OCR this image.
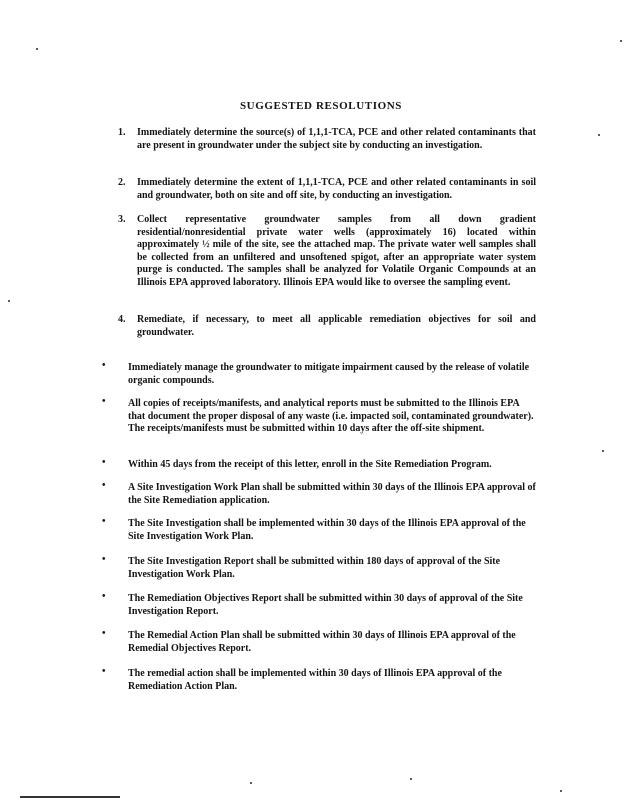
SUGGESTED RESOLUTIONS
1.	Immediately determine the source(s) of 1,1,1-TCA, PCE and other related contaminants that are present in groundwater under the subject site by conducting an investigation.
2.	Immediately determine the extent of 1,1,1-TCA, PCE and other related contaminants in soil and groundwater, both on site and off site, by conducting an investigation.
3.	Collect representative groundwater samples from all down gradient residential/nonresidential private water wells (approximately 16) located within approximately ½ mile of the site, see the attached map. The private water well samples shall be collected from an unfiltered and unsoftened spigot, after an appropriate water system purge is conducted. The samples shall be analyzed for Volatile Organic Compounds at an Illinois EPA approved laboratory. Illinois EPA would like to oversee the sampling event.
4.	Remediate, if necessary, to meet all applicable remediation objectives for soil and groundwater.
• Immediately manage the groundwater to mitigate impairment caused by the release of volatile organic compounds.
• All copies of receipts/manifests, and analytical reports must be submitted to the Illinois EPA that document the proper disposal of any waste (i.e. impacted soil, contaminated groundwater). The receipts/manifests must be submitted within 10 days after the off-site shipment.
• Within 45 days from the receipt of this letter, enroll in the Site Remediation Program.
• A Site Investigation Work Plan shall be submitted within 30 days of the Illinois EPA approval of the Site Remediation application.
• The Site Investigation shall be implemented within 30 days of the Illinois EPA approval of the Site Investigation Work Plan.
• The Site Investigation Report shall be submitted within 180 days of approval of the Site Investigation Work Plan.
• The Remediation Objectives Report shall be submitted within 30 days of approval of the Site Investigation Report.
• The Remedial Action Plan shall be submitted within 30 days of Illinois EPA approval of the Remedial Objectives Report.
• The remedial action shall be implemented within 30 days of Illinois EPA approval of the Remediation Action Plan.
